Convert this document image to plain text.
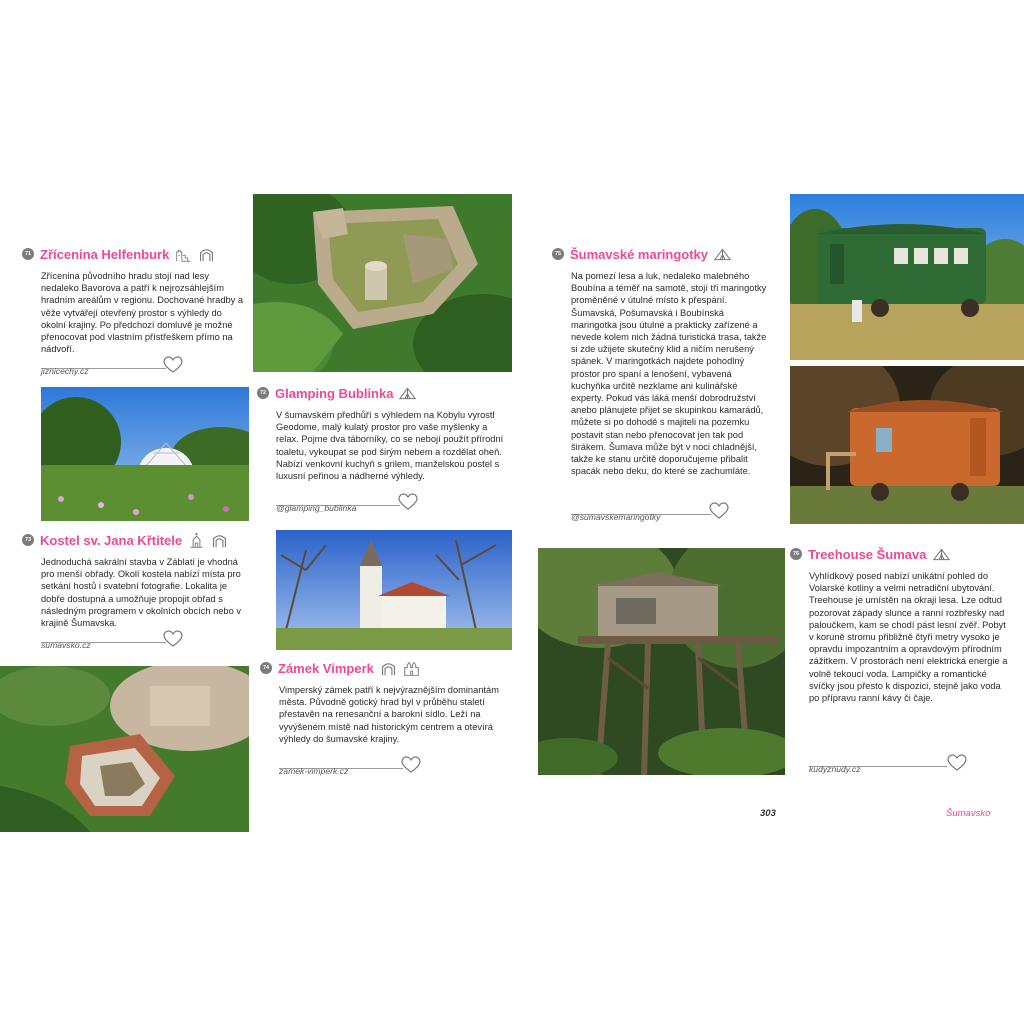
71 Zřícenina Helfenburk
Zřícenina původního hradu stojí nad lesy nedaleko Bavorova a patří k nejrozsáhlejším hradním areálům v regionu. Dochované hradby a věže vytvářejí otevřený prostor s výhledy do okolní krajiny. Po předchozí domluvě je možné přenocovat pod vlastním přístřeškem přímo na nádvoří.
jiznicechy.cz
72 Glamping Bublinka
V šumavském předhůří s výhledem na Kobylu vyrostl Geodome, malý kulatý prostor pro vaše myšlenky a relax. Pojme dva táborníky, co se nebojí použít přírodní toaletu, vykoupat se pod širým nebem a rozdělat oheň. Nabízí venkovní kuchyň s grilem, manželskou postel s luxusní peřinou a nádherné výhledy.
@glamping_bublinka
73 Kostel sv. Jana Křtitele
Jednoduchá sakrální stavba v Záblatí je vhodná pro menší obřady. Okolí kostela nabízí místa pro setkání hostů i svatební fotografie. Lokalita je dobře dostupná a umožňuje propojit obřad s následným programem v okolních obcích nebo v krajině Šumavska.
sumavsko.cz
74 Zámek Vimperk
Vimperský zámek patří k nejvýraznějším dominantám města. Původně gotický hrad byl v průběhu staletí přestavěn na renesanční a barokní sídlo. Leží na vyvýšeném místě nad historickým centrem a otevírá výhledy do šumavské krajiny.
zamek-vimperk.cz
75 Šumavské maringotky
Na pomezí lesa a luk, nedaleko malebného Boubína a téměř na samotě, stojí tři maringotky proměněné v útulné místo k přespání. Šumavská, Pošumavská i Boubínská maringotka jsou útulné a prakticky zařízené a nevede kolem nich žádná turistická trasa, takže si zde užijete skutečný klid a ničím nerušený spánek. V maringotkách najdete pohodlný prostor pro spaní a lenošení, vybavená kuchyňka určitě nezklame ani kulinářské experty. Pokud vás láká menší dobrodružství anebo plánujete přijet se skupinkou kamarádů, můžete si po dohodě s majiteli na pozemku postavit stan nebo přenocovat jen tak pod širákem. Šumava může být v noci chladnější, takže ke stanu určitě doporučujeme přibalit spacák nebo deku, do které se zachumláte.
@sumavskemaringotky
76 Treehouse Šumava
Vyhlídkový posed nabízí unikátní pohled do Volarské kotliny a velmi netradiční ubytování. Treehouse je umístěn na okraji lesa. Lze odtud pozorovat západy slunce a ranní rozbřesky nad paloučkem, kam se chodí pást lesní zvěř. Pobyt v koruně stromu přibližně čtyři metry vysoko je opravdu impozantním a opravdovým přírodním zážitkem. V prostorách není elektrická energie a volně tekoucí voda. Lampičky a romantické svíčky jsou přesto k dispozici, stejně jako voda po přípravu ranní kávy či čaje.
kudyznudy.cz
303	Šumavsko
